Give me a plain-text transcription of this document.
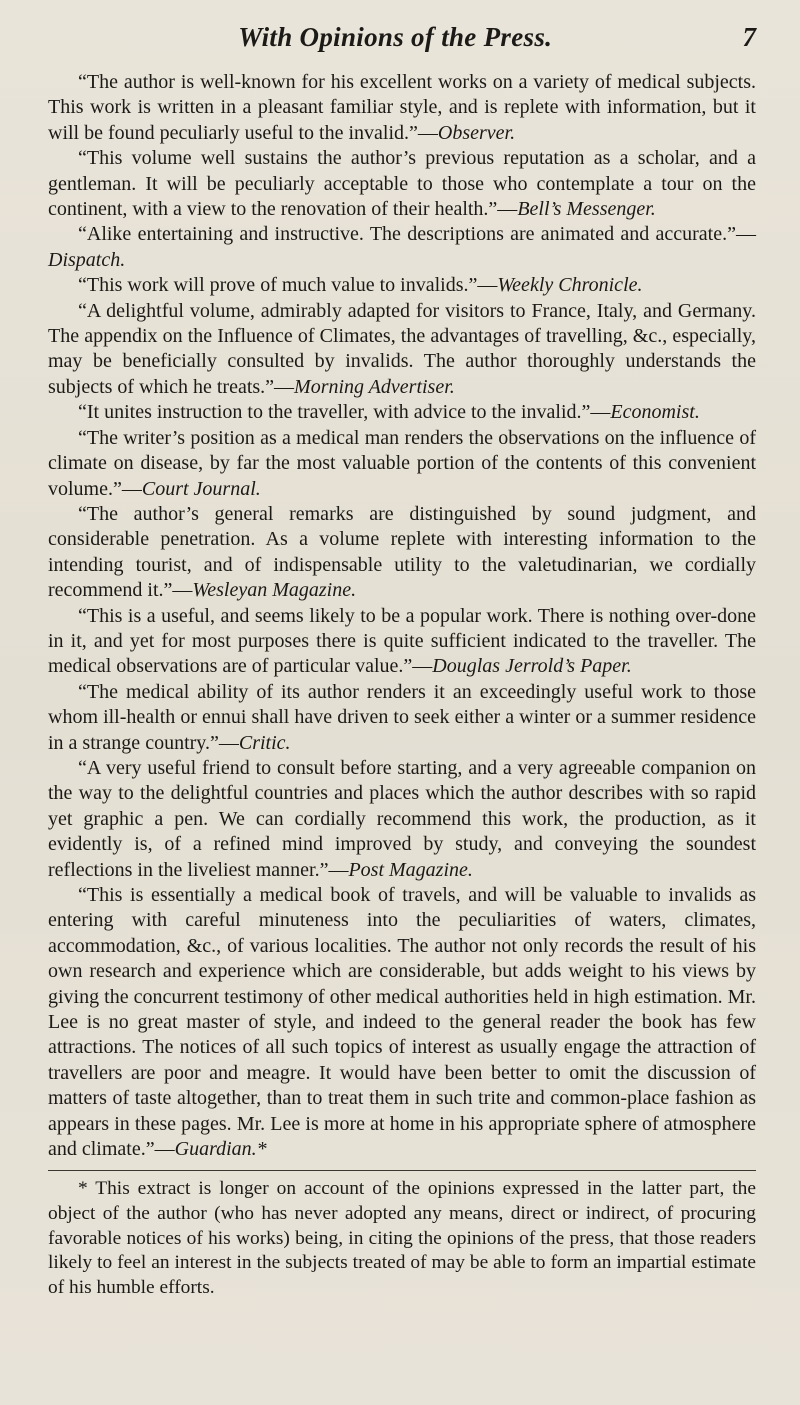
With Opinions of the Press.	7

“The author is well-known for his excellent works on a variety of medical subjects. This work is written in a pleasant familiar style, and is replete with information, but it will be found peculiarly useful to the invalid.”—Observer.

“This volume well sustains the author’s previous reputation as a scholar, and a gentleman. It will be peculiarly acceptable to those who contemplate a tour on the continent, with a view to the renovation of their health.”—Bell’s Messenger.

“Alike entertaining and instructive. The descriptions are animated and accurate.”—Dispatch.

“This work will prove of much value to invalids.”—Weekly Chronicle.

“A delightful volume, admirably adapted for visitors to France, Italy, and Germany. The appendix on the Influence of Climates, the advantages of travelling, &c., especially, may be beneficially consulted by invalids. The author thoroughly understands the subjects of which he treats.”—Morning Advertiser.

“It unites instruction to the traveller, with advice to the invalid.”—Economist.

“The writer’s position as a medical man renders the observations on the influence of climate on disease, by far the most valuable portion of the contents of this convenient volume.”—Court Journal.

“The author’s general remarks are distinguished by sound judgment, and considerable penetration. As a volume replete with interesting information to the intending tourist, and of indispensable utility to the valetudinarian, we cordially recommend it.”—Wesleyan Magazine.

“This is a useful, and seems likely to be a popular work. There is nothing over-done in it, and yet for most purposes there is quite sufficient indicated to the traveller. The medical observations are of particular value.”—Douglas Jerrold’s Paper.

“The medical ability of its author renders it an exceedingly useful work to those whom ill-health or ennui shall have driven to seek either a winter or a summer residence in a strange country.”—Critic.

“A very useful friend to consult before starting, and a very agreeable companion on the way to the delightful countries and places which the author describes with so rapid yet graphic a pen. We can cordially recommend this work, the production, as it evidently is, of a refined mind improved by study, and conveying the soundest reflections in the liveliest manner.”—Post Magazine.

“This is essentially a medical book of travels, and will be valuable to invalids as entering with careful minuteness into the peculiarities of waters, climates, accommodation, &c., of various localities. The author not only records the result of his own research and experience which are considerable, but adds weight to his views by giving the concurrent testimony of other medical authorities held in high estimation. Mr. Lee is no great master of style, and indeed to the general reader the book has few attractions. The notices of all such topics of interest as usually engage the attraction of travellers are poor and meagre. It would have been better to omit the discussion of matters of taste altogether, than to treat them in such trite and common-place fashion as appears in these pages. Mr. Lee is more at home in his appropriate sphere of atmosphere and climate.”—Guardian.*

* This extract is longer on account of the opinions expressed in the latter part, the object of the author (who has never adopted any means, direct or indirect, of procuring favorable notices of his works) being, in citing the opinions of the press, that those readers likely to feel an interest in the subjects treated of may be able to form an impartial estimate of his humble efforts.
